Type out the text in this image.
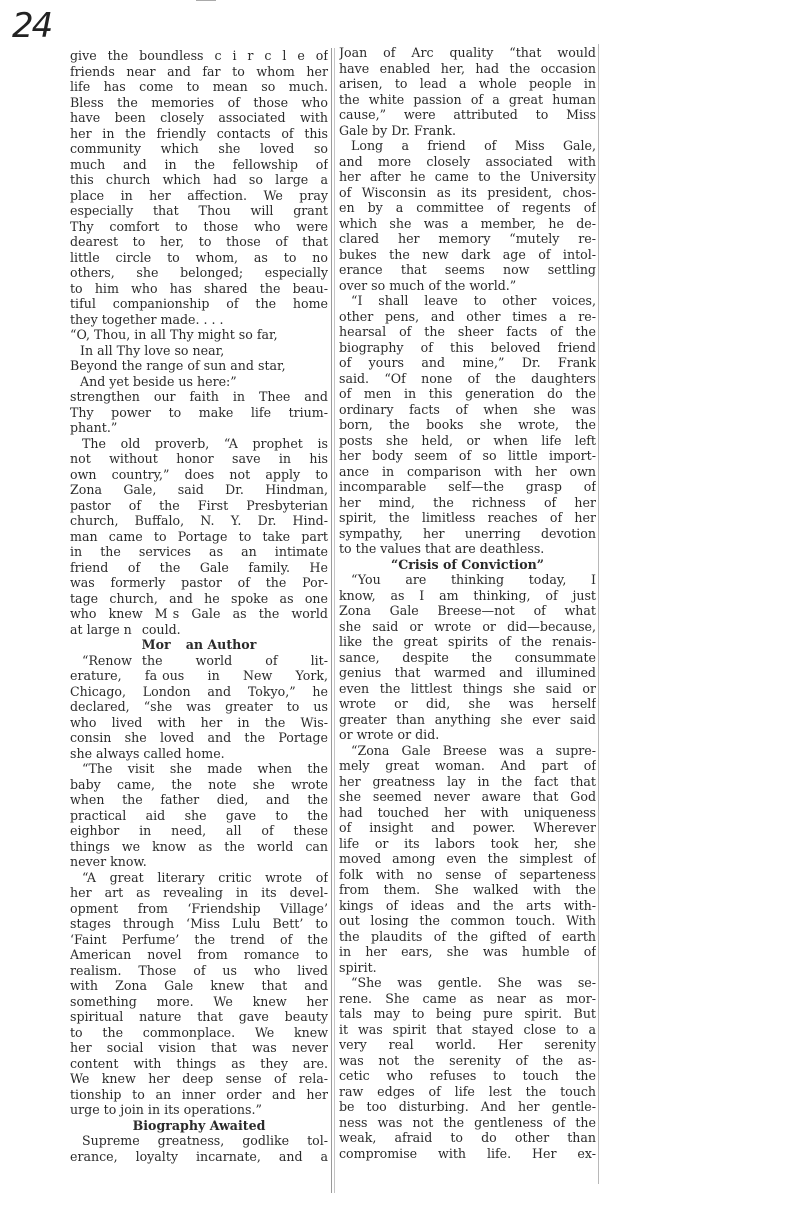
24
give the boundless c i r c l e of
friends near and far to whom her
life has come to mean so much.
Bless the memories of those who
have been closely associated with
her in the friendly contacts of this
community which she loved so
much and in the fellowship of
this church which had so large a
place in her affection. We pray
especially that Thou will grant
Thy comfort to those who were
dearest to her, to those of that
little circle to whom, as to no
others, she belonged; especially
to him who has shared the beau-
tiful companionship of the home
they together made. . . .
“O, Thou, in all Thy might so far,
In all Thy love so near,
Beyond the range of sun and star,
And yet beside us here:”
strengthen our faith in Thee and
Thy power to make life trium-
phant.”
The old proverb, “A prophet is
not without honor save in his
own country,” does not apply to
Zona Gale, said Dr. Hindman,
pastor of the First Presbyterian
church, Buffalo, N. Y. Dr. Hind-
man came to Portage to take part
in the services as an intimate
friend of the Gale family. He
was formerly pastor of the Por-
tage church, and he spoke as one
who knew M  s Gale as the world
at large n    could.
Mor      an Author
“Renow    the world of lit-
erature, fa  ous in New York,
Chicago, London and Tokyo,” he
declared, “she was greater to us
who lived with her in the Wis-
consin she loved and the Portage
she always called home.
“The visit she made when the
baby came, the note she wrote
when the father died, and the
practical aid she gave to the
eighbor in need, all of these
things we know as the world can
never know.
“A great literary critic wrote of
her art as revealing in its devel-
opment from ‘Friendship Village’
stages through ‘Miss Lulu Bett’ to
‘Faint Perfume’ the trend of the
American novel from romance to
realism. Those of us who lived
with Zona Gale knew that and
something more. We knew her
spiritual nature that gave beauty
to the commonplace. We knew
her social vision that was never
content with things as they are.
We knew her deep sense of rela-
tionship to an inner order and her
urge to join in its operations.”
Biography Awaited
Supreme greatness, godlike tol-
erance, loyalty incarnate, and a
Joan of Arc quality “that would
have enabled her, had the occasion
arisen, to lead a whole people in
the white passion of a great human
cause,” were attributed to Miss
Gale by Dr. Frank.
Long a friend of Miss Gale,
and more closely associated with
her after he came to the University
of Wisconsin as its president, chos-
en by a committee of regents of
which she was a member, he de-
clared her memory “mutely re-
bukes the new dark age of intol-
erance that seems now settling
over so much of the world.”
“I shall leave to other voices,
other pens, and other times a re-
hearsal of the sheer facts of the
biography of this beloved friend
of yours and mine,” Dr. Frank
said. “Of none of the daughters
of men in this generation do the
ordinary facts of when she was
born, the books she wrote, the
posts she held, or when life left
her body seem of so little import-
ance in comparison with her own
incomparable self—the grasp of
her mind, the richness of her
spirit, the limitless reaches of her
sympathy, her unerring devotion
to the values that are deathless.
“Crisis of Conviction”
“You are thinking today, I
know, as I am thinking, of just
Zona Gale Breese—not of what
she said or wrote or did—because,
like the great spirits of the renais-
sance, despite the consummate
genius that warmed and illumined
even the littlest things she said or
wrote or did, she was herself
greater than anything she ever said
or wrote or did.
“Zona Gale Breese was a supre-
mely great woman. And part of
her greatness lay in the fact that
she seemed never aware that God
had touched her with uniqueness
of insight and power. Wherever
life or its labors took her, she
moved among even the simplest of
folk with no sense of separteness
from them. She walked with the
kings of ideas and the arts with-
out losing the common touch. With
the plaudits of the gifted of earth
in her ears, she was humble of
spirit.
“She was gentle. She was se-
rene. She came as near as mor-
tals may to being pure spirit. But
it was spirit that stayed close to a
very real world. Her serenity
was not the serenity of the as-
cetic who refuses to touch the
raw edges of life lest the touch
be too disturbing. And her gentle-
ness was not the gentleness of the
weak, afraid to do other than
compromise with life. Her ex-
